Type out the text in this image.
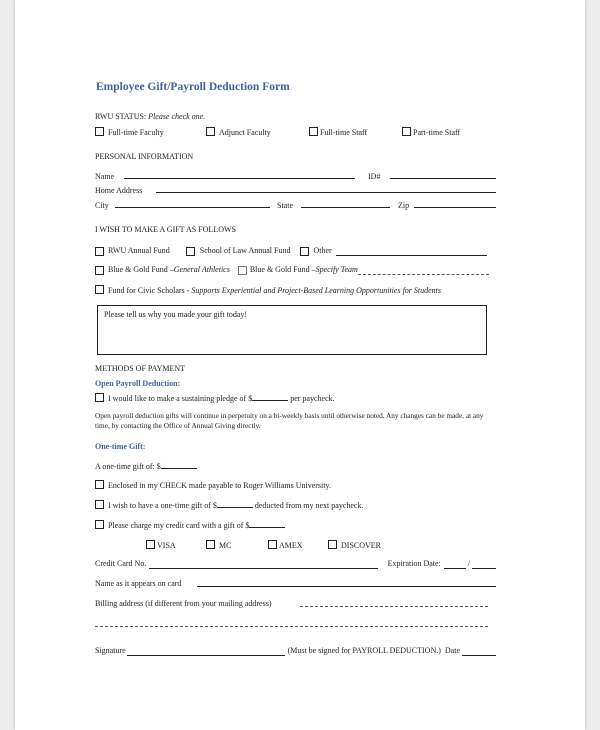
Employee Gift/Payroll Deduction Form
RWU STATUS: Please check one.
Full-time Faculty	Adjunct Faculty	Full-time Staff	Part-time Staff
PERSONAL INFORMATION
Name	ID#
Home Address
City	State	Zip
I WISH TO MAKE A GIFT AS FOLLOWS
RWU Annual Fund	School of Law Annual Fund	Other
Blue & Gold Fund – General Athletics	Blue & Gold Fund – Specify Team
Fund for Civic Scholars - Supports Experiential and Project-Based Learning Opportunities for Students
Please tell us why you made your gift today!
METHODS OF PAYMENT
Open Payroll Deduction:
I would like to make a sustaining pledge of $	per paycheck.
Open payroll deduction gifts will continue in perpetuity on a bi-weekly basis until otherwise noted. Any changes can be made, at any time, by contacting the Office of Annual Giving directly.
One-time Gift:
A one-time gift of: $
Enclosed in my CHECK made payable to Roger Williams University.
I wish to have a one-time gift of $	deducted from my next paycheck.
Please charge my credit card with a gift of $
VISA	MC	AMEX	DISCOVER
Credit Card No.	Expiration Date:	/
Name as it appears on card
Billing address (if different from your mailing address)
Signature	(Must be signed for PAYROLL DEDUCTION.) Date
